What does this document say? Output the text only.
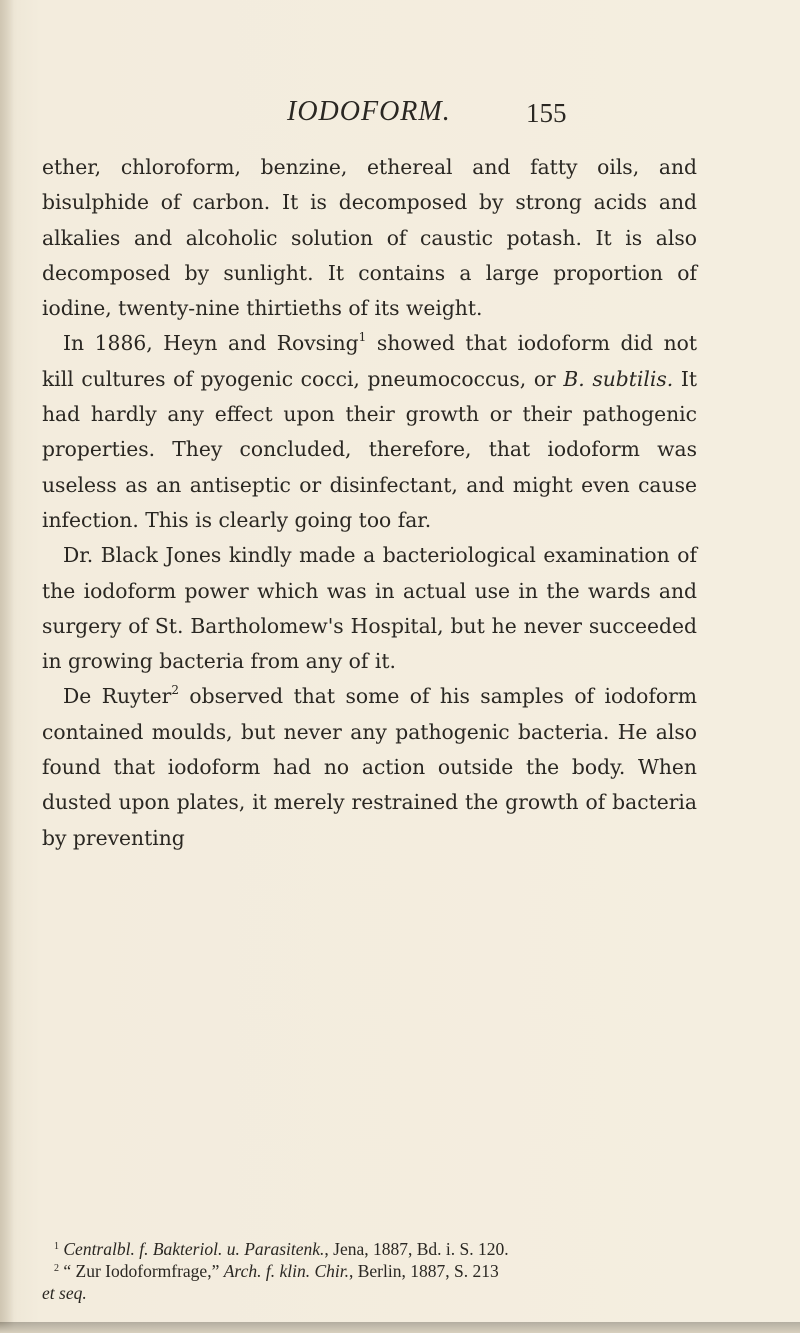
IODOFORM.	155

ether, chloroform, benzine, ethereal and fatty oils, and bisulphide of carbon. It is decomposed by strong acids and alkalies and alcoholic solution of caustic potash. It is also decomposed by sunlight. It contains a large proportion of iodine, twenty-nine thirtieths of its weight.

In 1886, Heyn and Rovsing$^1$ showed that iodoform did not kill cultures of pyogenic cocci, pneumococcus, or B. subtilis. It had hardly any effect upon their growth or their pathogenic properties. They concluded, therefore, that iodoform was useless as an antiseptic or disinfectant, and might even cause infection. This is clearly going too far.

Dr. Black Jones kindly made a bacteriological examination of the iodoform power which was in actual use in the wards and surgery of St. Bartholomew's Hospital, but he never succeeded in growing bacteria from any of it.

De Ruyter$^2$ observed that some of his samples of iodoform contained moulds, but never any pathogenic bacteria. He also found that iodoform had no action outside the body. When dusted upon plates, it merely restrained the growth of bacteria by preventing

$^1$ Centralbl. f. Bakteriol. u. Parasitenk., Jena, 1887, Bd. i. S. 120.

$^2$ “ Zur Iodoformfrage,” Arch. f. klin. Chir., Berlin, 1887, S. 213

et seq.
